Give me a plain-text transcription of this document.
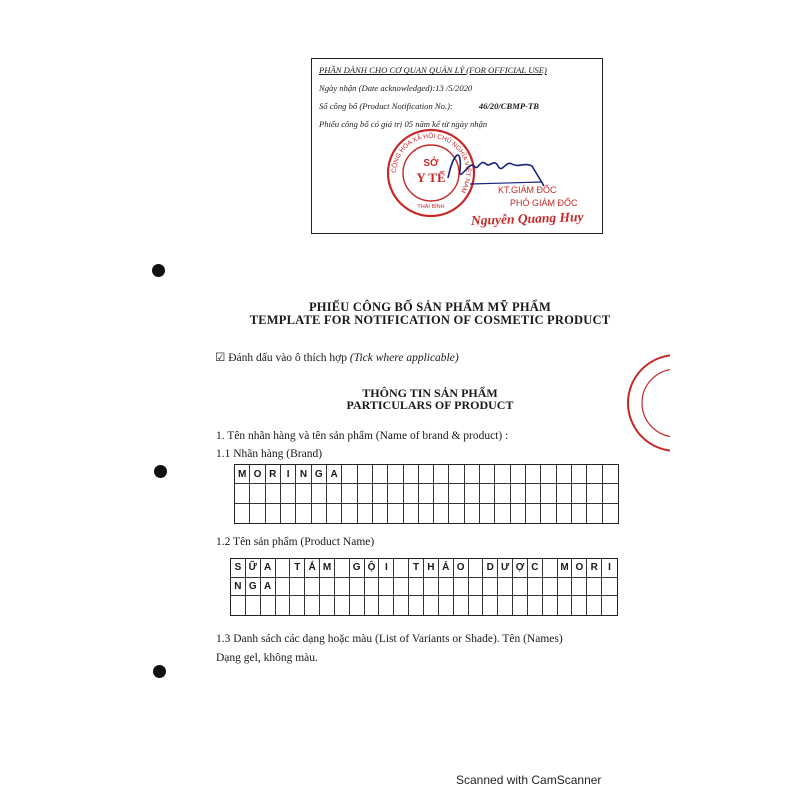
PHẦN DÀNH CHO CƠ QUAN QUẢN LÝ (FOR OFFICIAL USE)
Ngày nhận (Date acknowledged):13 /5/2020
Số công bố (Product Notification No.):	46/20/CBMP-TB
Phiếu công bố có giá trị 05 năm kể từ ngày nhận
CỘNG HÒA XÃ HỘI CHỦ NGHĨA VIỆT NAM
SỞ
Y TẾ
THÁI BÌNH
KT.GIÁM ĐỐC
PHÓ GIÁM ĐỐC
Nguyễn Quang Huy
PHIẾU CÔNG BỐ SẢN PHẨM MỸ PHẨM
TEMPLATE FOR NOTIFICATION OF COSMETIC PRODUCT
☑ Đánh dấu vào ô thích hợp (Tick where applicable)
THÔNG TIN SẢN PHẨM
PARTICULARS OF PRODUCT
1. Tên nhãn hàng và tên sản phẩm (Name of brand & product) :
1.1 Nhãn hàng (Brand)
M O R	I	N G A
1.2 Tên sản phẩm (Product Name)
S Ữ A	T Ắ M	G Ộ I	T H Ả O	D Ư Ợ C	M O R	I
N G A
1.3 Danh sách các dạng hoặc màu (List of Variants or Shade). Tên (Names)
Dạng gel, không màu.
Scanned with CamScanner
